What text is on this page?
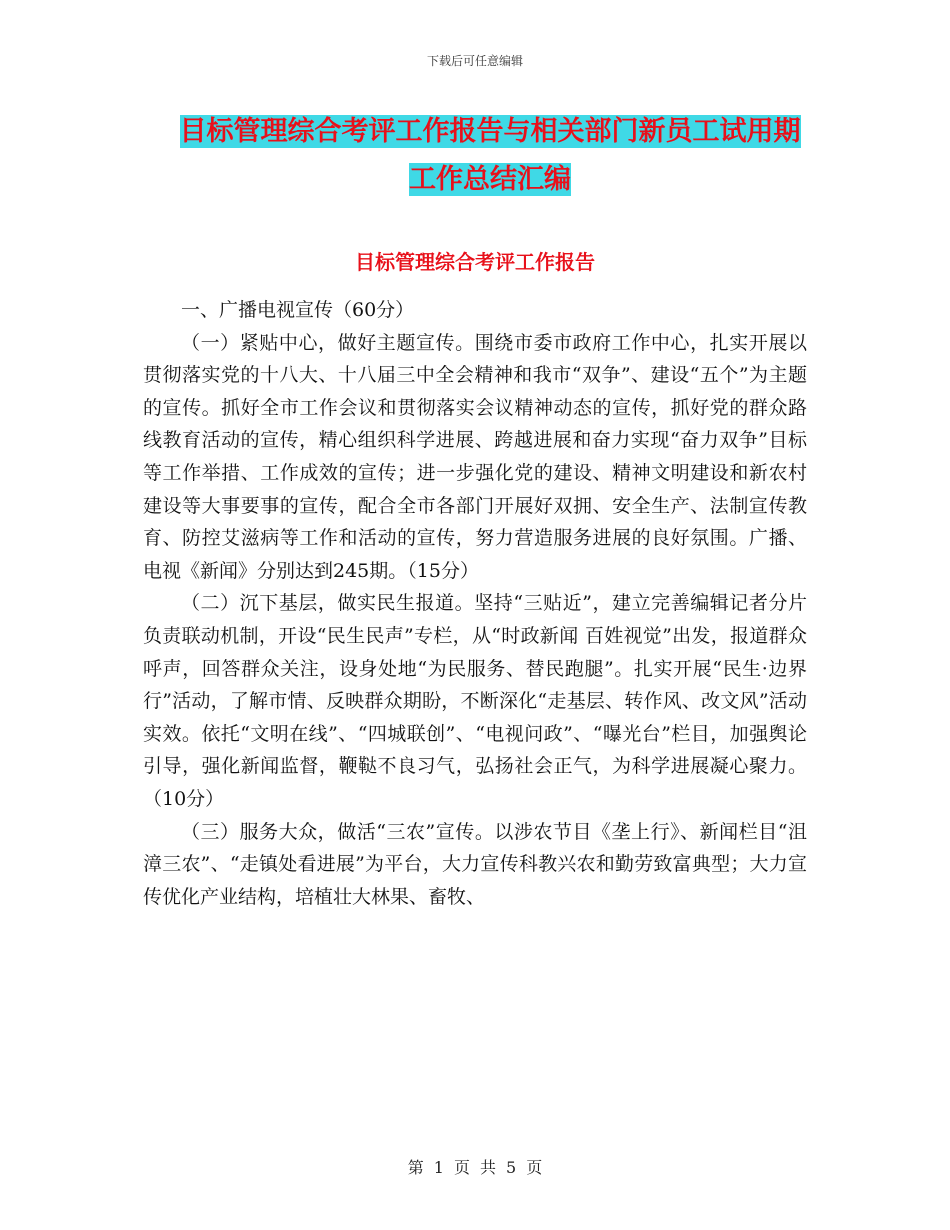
下载后可任意编辑
目标管理综合考评工作报告与相关部门新员工试用期
工作总结汇编
目标管理综合考评工作报告

一、广播电视宣传（60分）

（一）紧贴中心，做好主题宣传。围绕市委市政府工作中心，扎实开展以贯彻落实党的十八大、十八届三中全会精神和我市“双争”、建设“五个”为主题的宣传。抓好全市工作会议和贯彻落实会议精神动态的宣传，抓好党的群众路线教育活动的宣传，精心组织科学进展、跨越进展和奋力实现“奋力双争”目标等工作举措、工作成效的宣传；进一步强化党的建设、精神文明建设和新农村建设等大事要事的宣传，配合全市各部门开展好双拥、安全生产、法制宣传教育、防控艾滋病等工作和活动的宣传，努力营造服务进展的良好氛围。广播、电视《新闻》分别达到245期。（15分）

（二）沉下基层，做实民生报道。坚持“三贴近”，建立完善编辑记者分片负责联动机制，开设“民生民声”专栏，从“时政新闻 百姓视觉”出发，报道群众呼声，回答群众关注，设身处地“为民服务、替民跑腿”。扎实开展“民生·边界行”活动，了解市情、反映群众期盼，不断深化“走基层、转作风、改文风”活动实效。依托“文明在线”、“四城联创”、“电视问政”、“曝光台”栏目，加强舆论引导，强化新闻监督，鞭鞑不良习气，弘扬社会正气，为科学进展凝心聚力。（10分）

（三）服务大众，做活“三农”宣传。以涉农节目《垄上行》、新闻栏目“沮漳三农”、“走镇处看进展”为平台，大力宣传科教兴农和勤劳致富典型；大力宣传优化产业结构，培植壮大林果、畜牧、

第 1 页 共 5 页
